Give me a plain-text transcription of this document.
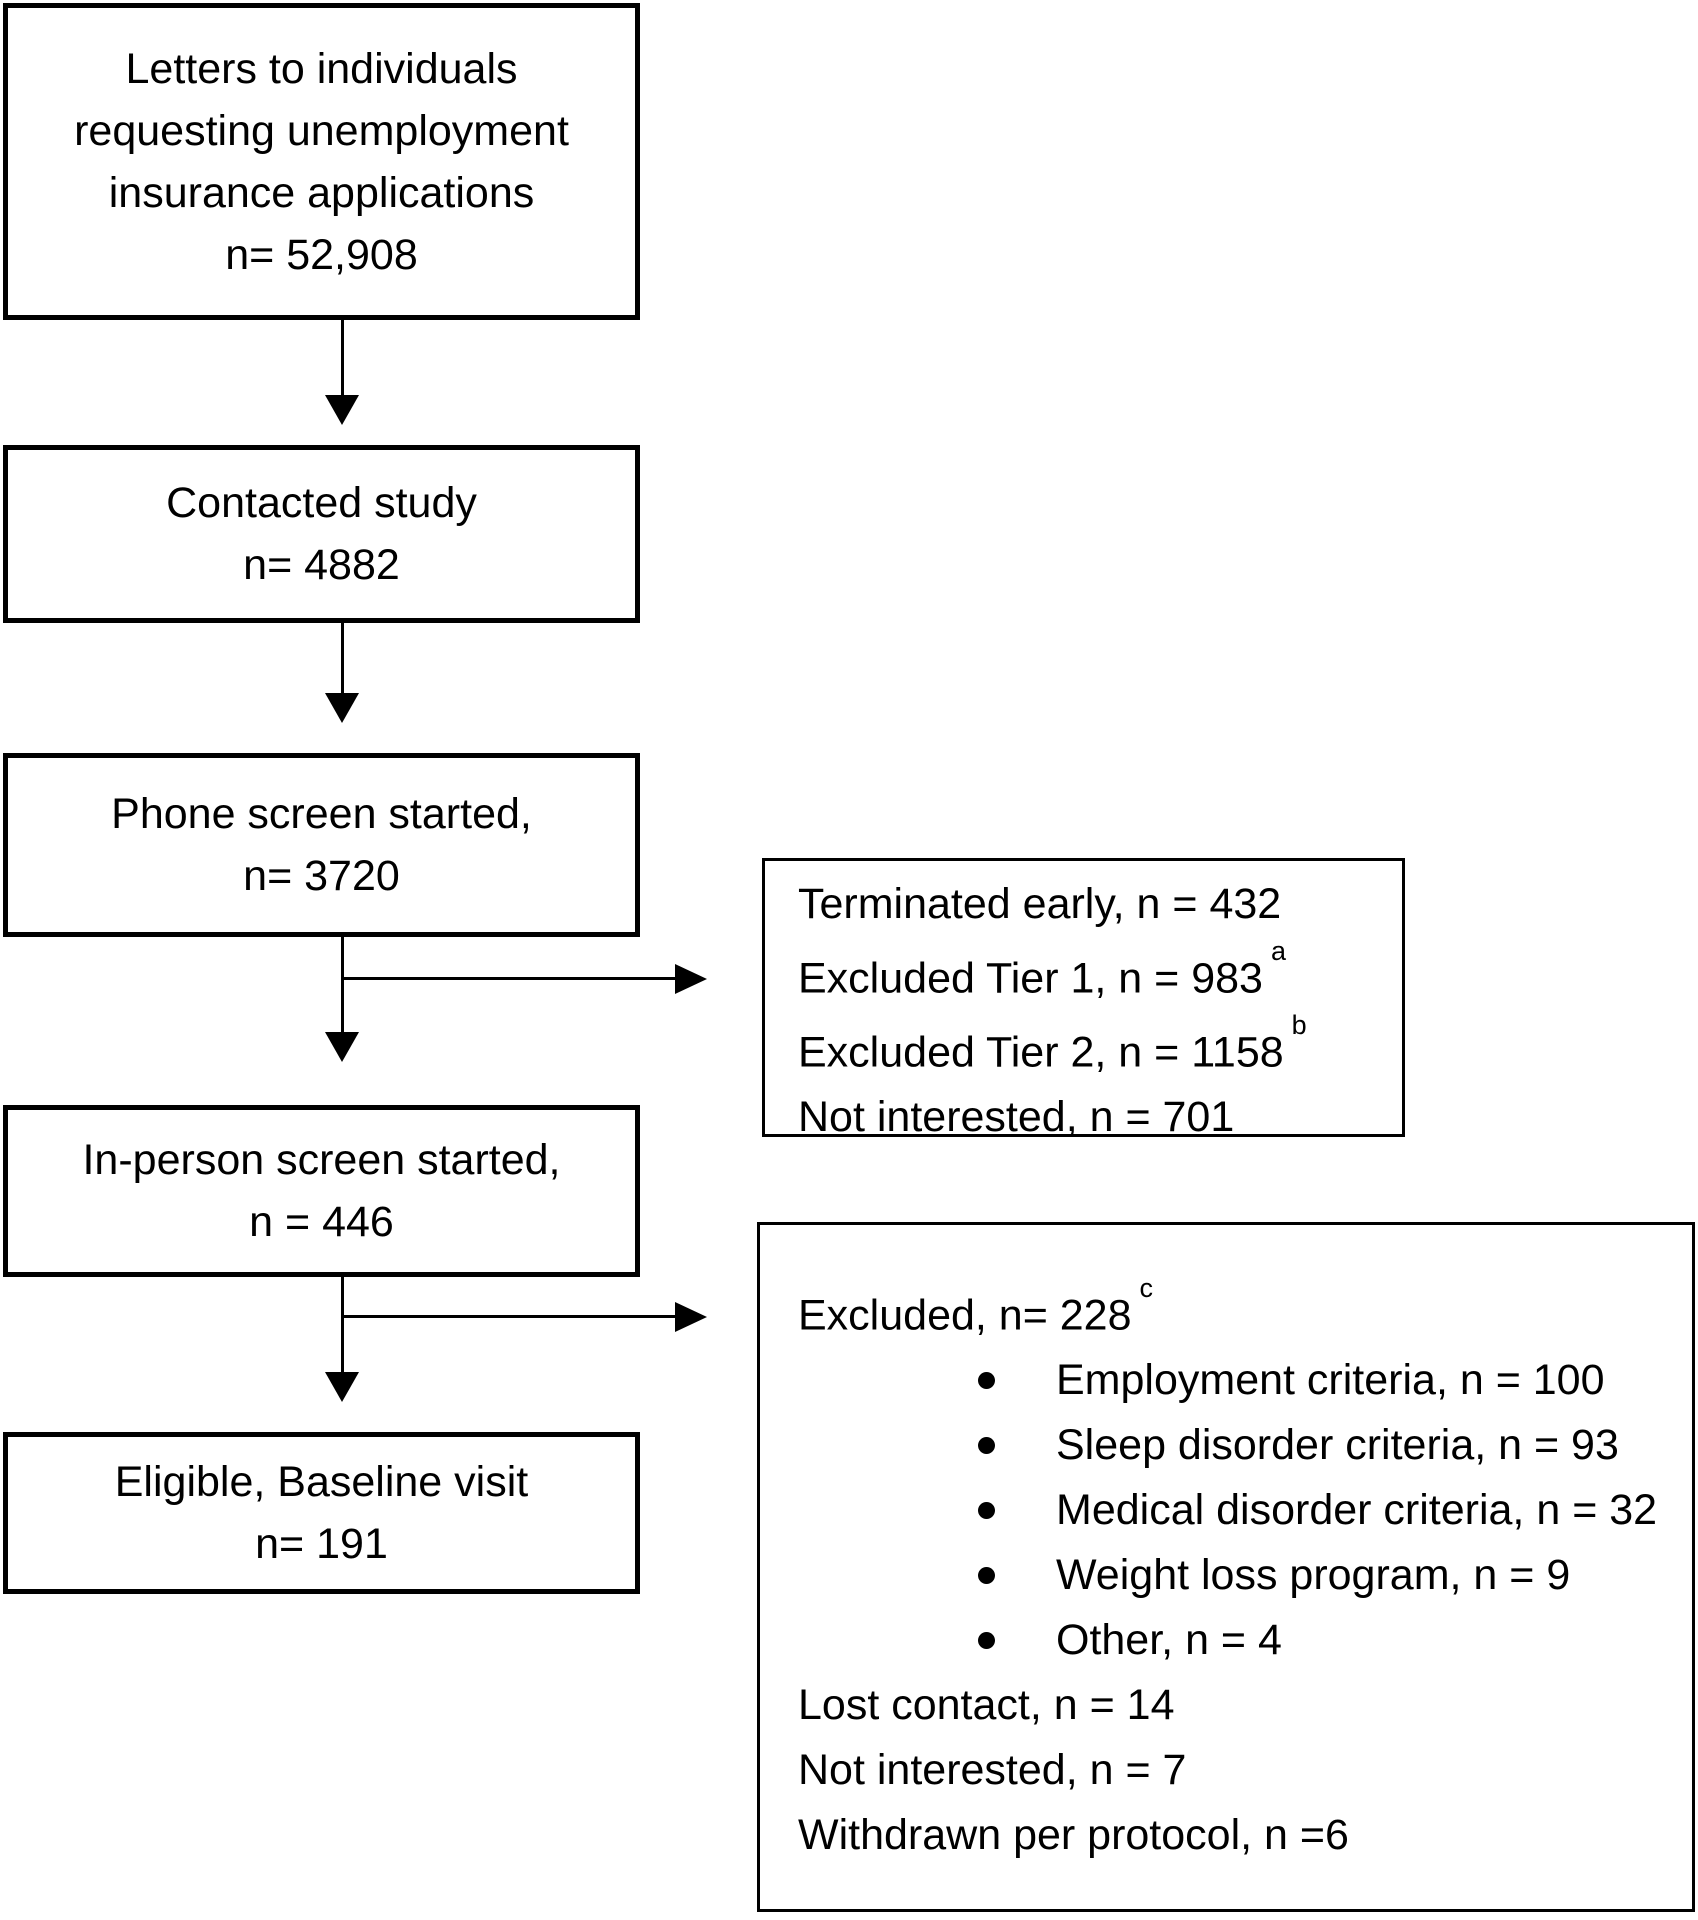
Letters to individuals
requesting unemployment
insurance applications
n= 52,908
Contacted study
n= 4882
Phone screen started,
n= 3720
In-person screen started,
n = 446
Eligible, Baseline visit
n= 191
Terminated early, n = 432
Excluded Tier 1, $n = 983^a$
Excluded Tier 2, $n = 1158^b$
Not interested, n = 701
Excluded, $n= 228^c$
Employment criteria, n = 100
Sleep disorder criteria, n = 93
Medical disorder criteria, n = 32
Weight loss program, n = 9
Other, n = 4
Lost contact, n = 14
Not interested, n = 7
Withdrawn per protocol, n =6
